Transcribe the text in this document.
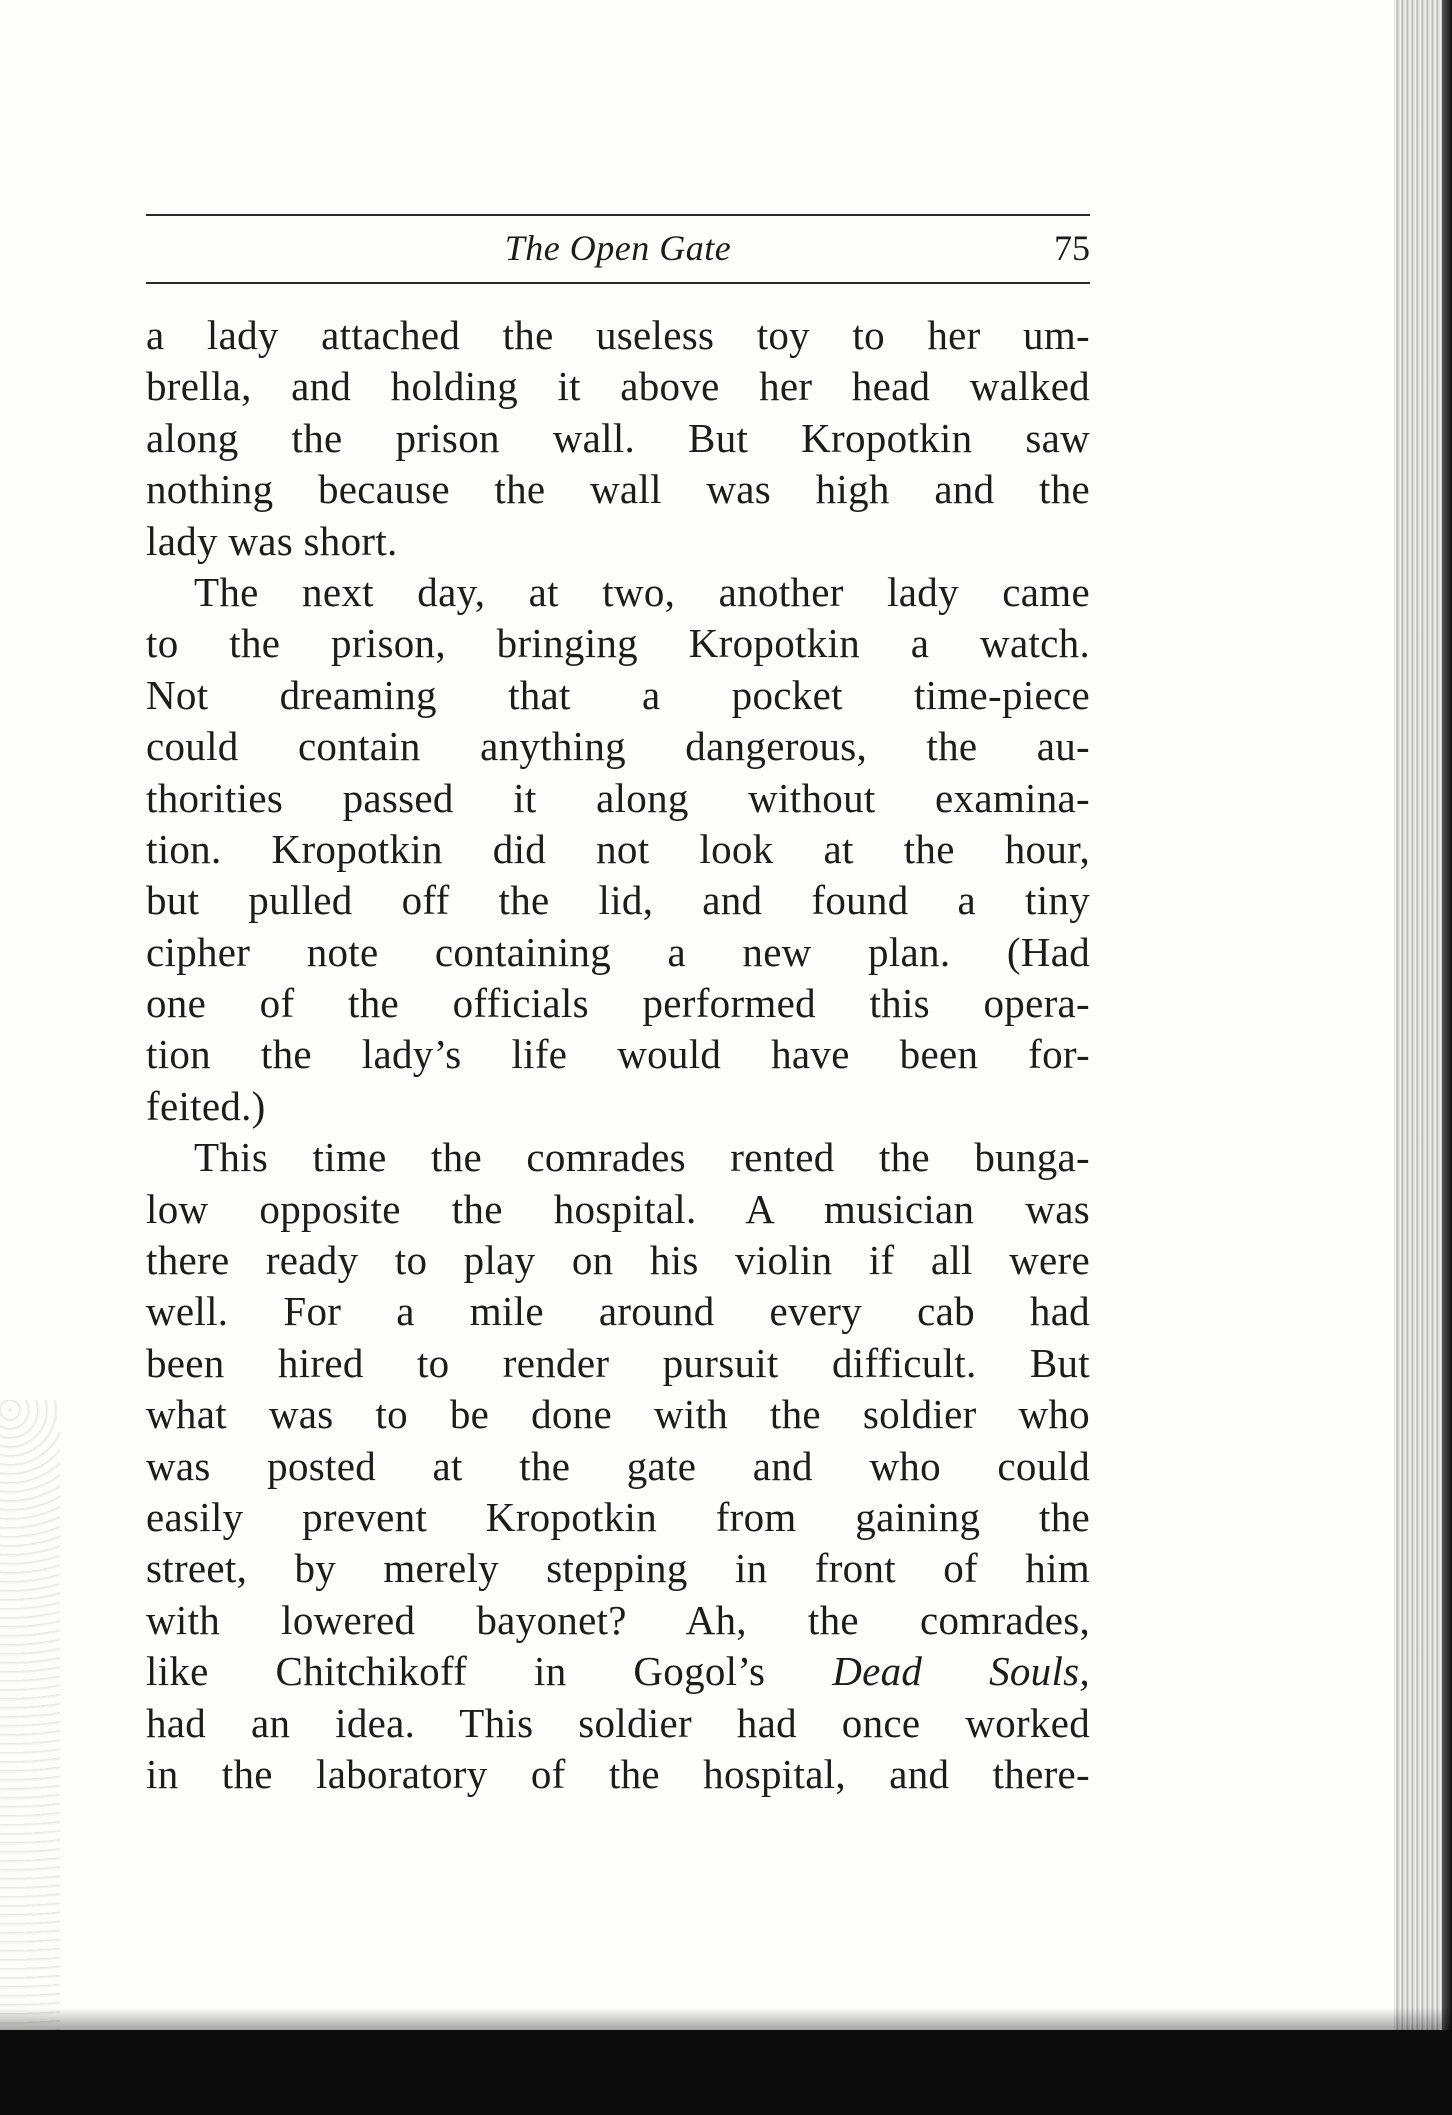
The Open Gate	75
a lady attached the useless toy to her um-
brella, and holding it above her head walked
along the prison wall. But Kropotkin saw
nothing because the wall was high and the
lady was short.
The next day, at two, another lady came
to the prison, bringing Kropotkin a watch.
Not dreaming that a pocket time-piece
could contain anything dangerous, the au-
thorities passed it along without examina-
tion. Kropotkin did not look at the hour,
but pulled off the lid, and found a tiny
cipher note containing a new plan. (Had
one of the officials performed this opera-
tion the lady’s life would have been for-
feited.)
This time the comrades rented the bunga-
low opposite the hospital. A musician was
there ready to play on his violin if all were
well. For a mile around every cab had
been hired to render pursuit difficult. But
what was to be done with the soldier who
was posted at the gate and who could
easily prevent Kropotkin from gaining the
street, by merely stepping in front of him
with lowered bayonet? Ah, the comrades,
like Chitchikoff in Gogol’s Dead Souls,
had an idea. This soldier had once worked
in the laboratory of the hospital, and there-
